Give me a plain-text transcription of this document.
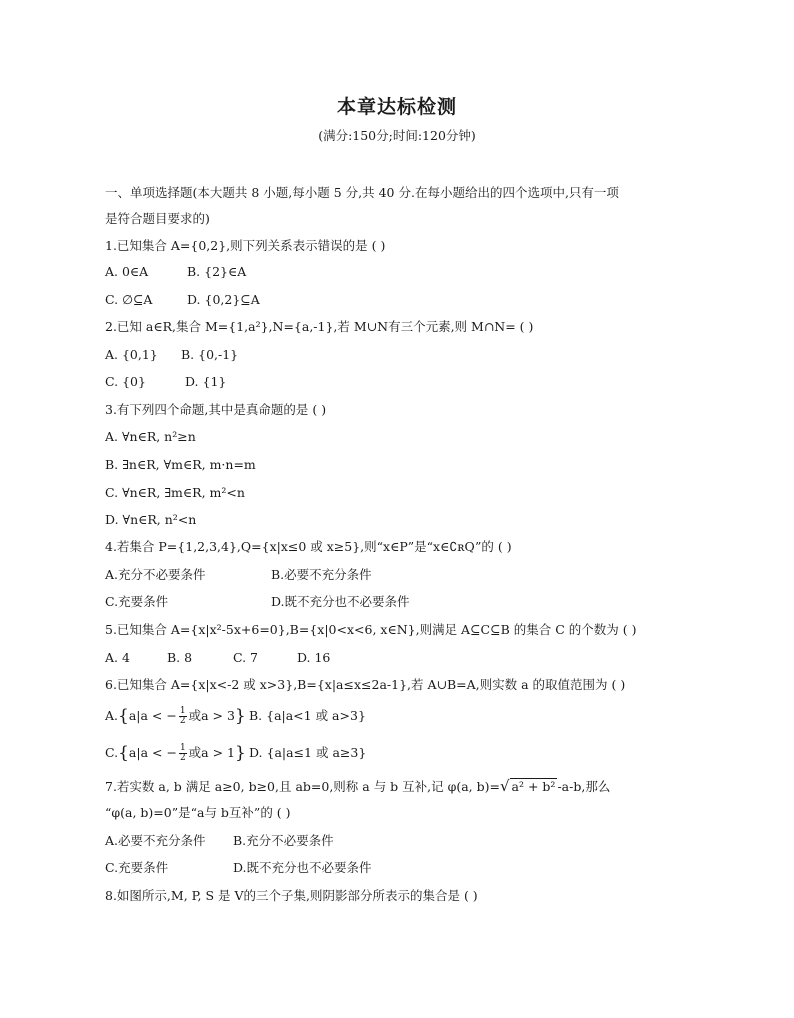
本章达标检测
(满分:150分;时间:120分钟)
一、单项选择题(本大题共 8 小题,每小题 5 分,共 40 分.在每小题给出的四个选项中,只有一项
是符合题目要求的)
1.已知集合 A={0,2},则下列关系表示错误的是 ( )
A. 0∈A	B. {2}∈A
C. ∅⊆A	D. {0,2}⊆A
2.已知 a∈R,集合 M={1,a²},N={a,-1},若 M∪N有三个元素,则 M∩N= ( )
A. {0,1} B. {0,-1}
C. {0}	D. {1}
3.有下列四个命题,其中是真命题的是 ( )
A. ∀n∈R, n²≥n
B. ∃n∈R, ∀m∈R, m·n=m
C. ∀n∈R, ∃m∈R, m²<n
D. ∀n∈R, n²<n
4.若集合 P={1,2,3,4},Q={x|x≤0 或 x≥5},则“x∈P”是“x∈∁ʀQ”的 ( )
A.充分不必要条件	B.必要不充分条件
C.充要条件	D.既不充分也不必要条件
5.已知集合 A={x|x²-5x+6=0},B={x|0<x<6, x∈N},则满足 A⊆C⊆B 的集合 C 的个数为 ( )
A. 4	B. 8	C. 7	D. 16
6.已知集合 A={x|x<-2 或 x>3},B={x|a≤x≤2a-1},若 A∪B=A,则实数 a 的取值范围为 ( )
A.{a|a < − $\frac{1}{2}$ 或a > 3} B. {a|a<1 或 a>3}
C.{a|a < − $\frac{1}{2}$ 或a > 1} D. {a|a≤1 或 a≥3}
7.若实数 a, b 满足 a≥0, b≥0,且 ab=0,则称 a 与 b 互补,记 φ(a, b)=√ a² + b² -a-b,那么
“φ(a, b)=0”是“a与 b互补”的 ( )
A.必要不充分条件 B.充分不必要条件
C.充要条件	D.既不充分也不必要条件
8.如图所示,M, P, S 是 V的三个子集,则阴影部分所表示的集合是 ( )
